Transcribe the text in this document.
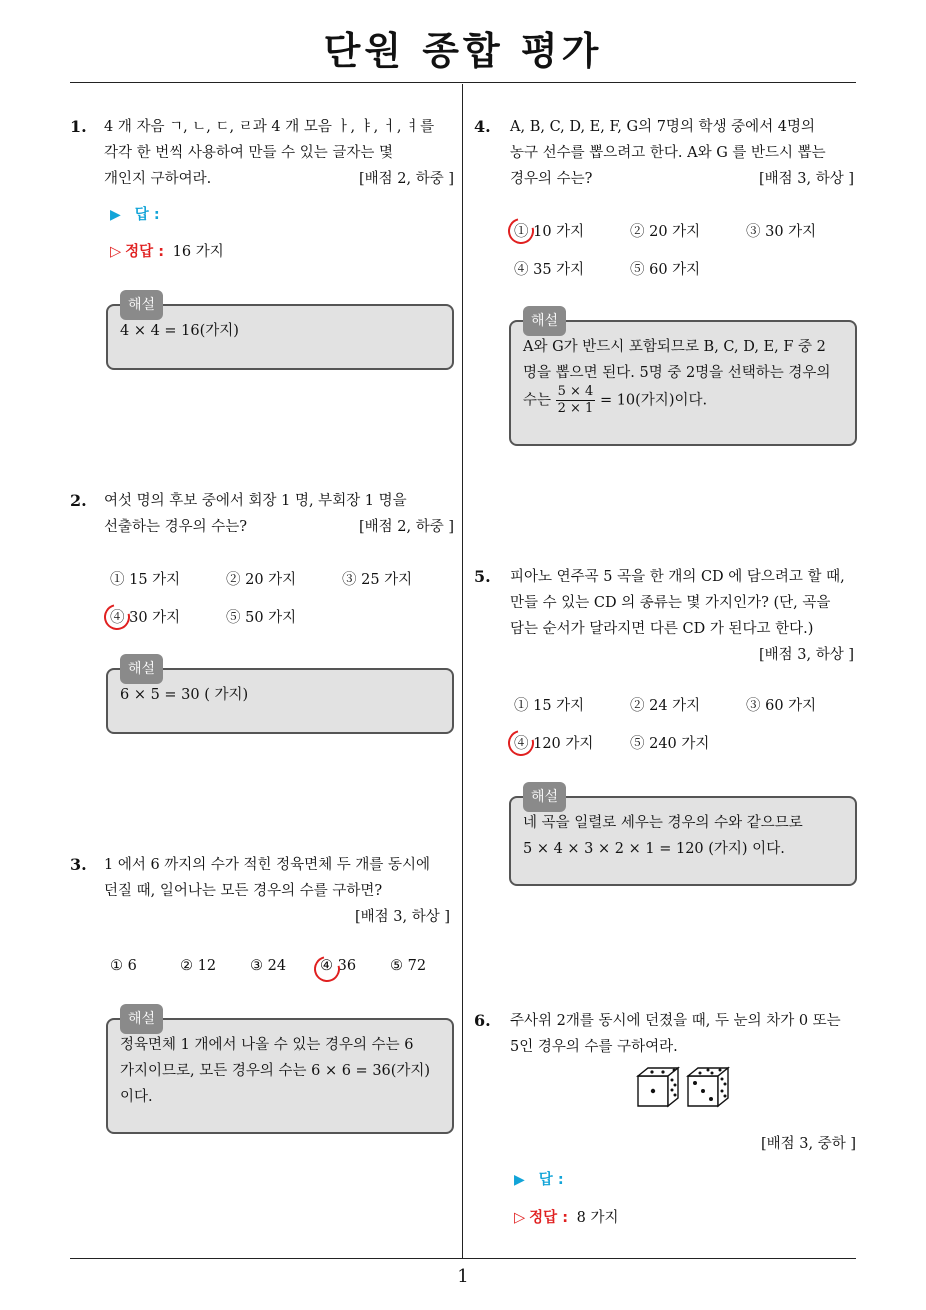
단원 종합 평가
1. 4 개 자음 ㄱ, ㄴ, ㄷ, ㄹ과 4 개 모음 ㅏ, ㅑ, ㅓ, ㅕ를
각각 한 번씩 사용하여 만들 수 있는 글자는 몇
개인지 구하여라.	[배점 2, 하중 ]
▶ 답 :
▷ 정답 : 16 가지
해설
4 × 4 = 16(가지)
2. 여섯 명의 후보 중에서 회장 1 명, 부회장 1 명을
선출하는 경우의 수는?	[배점 2, 하중 ]
① 15 가지	② 20 가지	③ 25 가지
④ 30 가지	⑤ 50 가지
해설
6 × 5 = 30 ( 가지)
3. 1 에서 6 까지의 수가 적힌 정육면체 두 개를 동시에
던질 때, 일어나는 모든 경우의 수를 구하면?
[배점 3, 하상 ]
① 6	② 12 ③ 24 ④ 36 ⑤ 72
해설
정육면체 1 개에서 나올 수 있는 경우의 수는 6
가지이므로, 모든 경우의 수는 6 × 6 = 36(가지)
이다.
4. A, B, C, D, E, F, G의 7명의 학생 중에서 4명의
농구 선수를 뽑으려고 한다. A와 G 를 반드시 뽑는
경우의 수는?	[배점 3, 하상 ]
① 10 가지	② 20 가지	③ 30 가지
④ 35 가지	⑤ 60 가지
해설
A와 G가 반드시 포함되므로 B, C, D, E, F 중 2
명을 뽑으면 된다. 5명 중 2명을 선택하는 경우의
수는 $\frac{5 \times 4}{2 \times 1} = 10$(가지)이다.
5. 피아노 연주곡 5 곡을 한 개의 CD 에 담으려고 할 때,
만들 수 있는 CD 의 종류는 몇 가지인가? (단, 곡을
담는 순서가 달라지면 다른 CD 가 된다고 한다.)
[배점 3, 하상 ]
① 15 가지	② 24 가지	③ 60 가지
④ 120 가지	⑤ 240 가지
해설
네 곡을 일렬로 세우는 경우의 수와 같으므로
5 × 4 × 3 × 2 × 1 = 120 (가지) 이다.
6. 주사위 2개를 동시에 던졌을 때, 두 눈의 차가 0 또는
5인 경우의 수를 구하여라.
[배점 3, 중하 ]
▶ 답 :
▷ 정답 : 8 가지
1
